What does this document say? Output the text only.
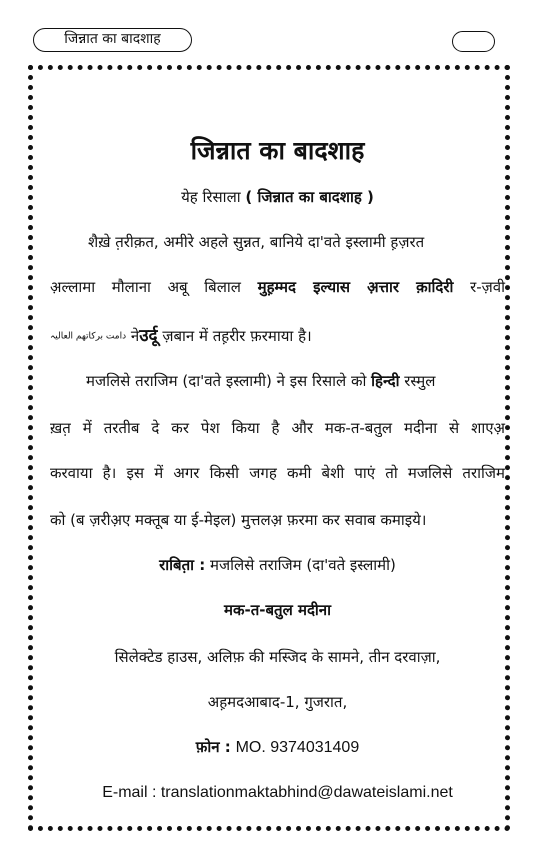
जिन्नात का बादशाह
जिन्नात का बादशाह
येह रिसाला ( जिन्नात का बादशाह )
शैखे़ त़रीक़त, अमीरे अहले सुन्नत, बानिये दा'वते इस्लामी ह़ज़रत
अ़ल्लामा मौलाना अबू बिलाल मुह़म्मद इल्यास अ़त्तार क़ादिरी र-ज़वी
دامت برکاتھم العالیہ नेउर्दू ज़बान में तह़रीर फ़रमाया है।
मजलिसे तराजिम (दा'वते इस्लामी) ने इस रिसाले को हिन्दी रस्मुल
ख़त़ में तरतीब दे कर पेश किया है और मक-त-बतुल मदीना से शाएअ़
करवाया है। इस में अगर किसी जगह कमी बेशी पाएं तो मजलिसे तराजिम
को (ब ज़रीअ़ए मक्तूब या ई-मेइल) मुत्तलअ़ फ़रमा कर सवाब कमाइये।
राबित़ा : मजलिसे तराजिम (दा'वते इस्लामी)
मक-त-बतुल मदीना
सिलेक्टेड हाउस, अलिफ़ की मस्जिद के सामने, तीन दरवाज़ा,
अह़मदआबाद-1, गुजरात,
फ़ोन : MO. 9374031409
E-mail : translationmaktabhind@dawateislami.net
